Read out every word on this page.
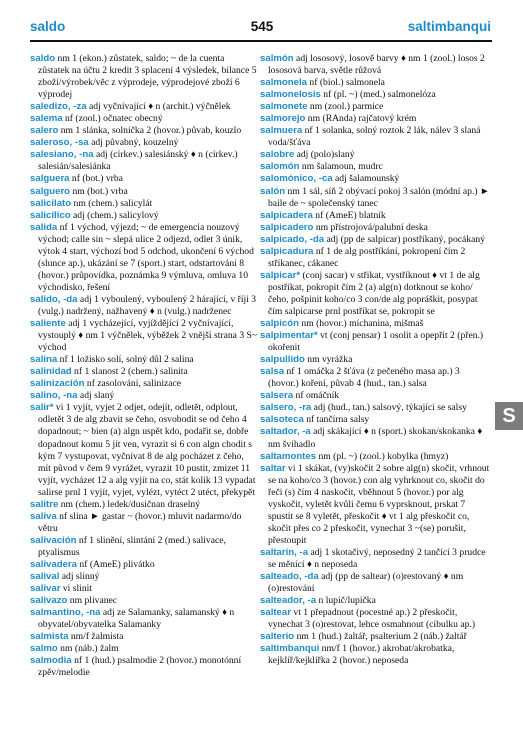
saldo	545	saltimbanqui

saldo nm 1 (ekon.) zůstatek, saldo; ~ de la cuenta zůstatek na účtu 2 kredit 3 splacení 4 výsledek, bilance 5 zboží/výrobek/věc z výprodeje, výprodejové zboží 6 výprodej

saledizo, -za adj vyčnívající ♦ n (archit.) výčnělek

salema nf (zool.) očnatec obecný

salero nm 1 slánka, solnička 2 (hovor.) půvab, kouzlo

saleroso, -sa adj půvabný, kouzelný

salesiano, -na adj (církev.) salesiánský ♦ n (církev.) salesián/salesiánka

salguera nf (bot.) vrba

salguero nm (bot.) vrba

salicilato nm (chem.) salicylát

salicílico adj (chem.) salicylový

salida nf 1 východ, výjezd; ~ de emergencia nouzový východ; calle sin ~ slepá ulice 2 odjezd, odlet 3 únik, výtok 4 start, výchozí bod 5 odchod, ukončení 6 východ (slunce ap.), ukázání se 7 (sport.) start, odstartování 8 (hovor.) průpovídka, poznámka 9 výmluva, omluva 10 východisko, řešení

salido, -da adj 1 vyboulený, vyboulený 2 hárající, v říji 3 (vulg.) nadržený, nažhavený ♦ n (vulg.) nadrženec

saliente adj 1 vycházející, vyjíždějící 2 vyčnívající, vystouplý ♦ nm 1 výčnělek, výběžek 2 vnější strana 3 S~ východ

salina nf 1 ložisko solí, solný důl 2 salina

salinidad nf 1 slanost 2 (chem.) salinita

salinización nf zasolování, salinizace

salino, -na adj slaný

salir* vi 1 vyjít, vyjet 2 odjet, odejít, odletět, odplout, odletět 3 de alg zbavit se čeho, osvobodit se od čeho 4 dopadnout; ~ bien (a) algn uspět kdo, podařit se, dobře dopadnout komu 5 jít ven, vyrazit si 6 con algn chodit s kým 7 vystupovat, vyčnívat 8 de alg pocházet z čeho, mít původ v čem 9 vyrážet, vyrazit 10 pustit, zmizet 11 vyjít, vycházet 12 a alg vyjít na co, stát kolik 13 vypadat salirse prnl 1 vyjít, vyjet, vylézt, vytéct 2 utéct, překypět

salitre nm (chem.) ledek/dusičnan draselný

saliva nf slina ► gastar ~ (hovor.) mluvit nadarmo/do větru

salivación nf 1 slinění, slintání 2 (med.) salivace, ptyalismus

salivadera nf (AmeE) plivátko

salival adj slinný

salivar vi slinit

salivazo nm plivanec

salmantino, -na adj ze Salamanky, salamanský ♦ n obyvatel/obyvatelka Salamanky

salmista nm/f žalmista

salmo nm (náb.) žalm

salmodia nf 1 (hud.) psalmodie 2 (hovor.) monotónní zpěv/melodie

salmón adj lososový, losově barvy ♦ nm 1 (zool.) losos 2 lososová barva, světle růžová

salmonela nf (biol.) salmonela

salmonelosis nf (pl. ~) (med.) salmonelóza

salmonete nm (zool.) parmice

salmorejo nm (RAnda) rajčatový krém

salmuera nf 1 solanka, solný roztok 2 lák, nálev 3 slaná voda/šťáva

salobre adj (polo)slaný

salomón nm šalamoun, mudrc

salomónico, -ca adj šalamounský

salón nm 1 sál, síň 2 obývací pokoj 3 salón (módní ap.) ► baile de ~ společenský tanec

salpicadera nf (AmeE) blatník

salpicadero nm přístrojová/palubní deska

salpicado, -da adj (pp de salpicar) postříkaný, pocákaný

salpicadura nf 1 de alg postříkání, pokropení čím 2 stříkanec, cákanec

salpicar* (conj sacar) v střikat, vystříknout ♦ vt 1 de alg postříkat, pokropit čím 2 (a) alg(n) dotknout se koho/čeho, pošpinit koho/co 3 con/de alg popráškit, posypat čím salpicarse prnl postříkat se, pokropit se

salpicón nm (hovor.) míchanina, mišmaš

salpimentar* vt (conj pensar) 1 osolit a opepřit 2 (přen.) okořenit

salpullido nm vyrážka

salsa nf 1 omáčka 2 šťáva (z pečeného masa ap.) 3 (hovor.) koření, půvab 4 (hud., tan.) salsa

salsera nf omáčník

salsero, -ra adj (hud., tan.) salsový, týkající se salsy

salsoteca nf tančírna salsy

saltador, -a adj skákající ♦ n (sport.) skokan/skokanka ♦ nm švihadlo

saltamontes nm (pl. ~) (zool.) kobylka (hmyz)

saltar vi 1 skákat, (vy)skočit 2 sobre alg(n) skočit, vrhnout se na koho/co 3 (hovor.) con alg vyhrknout co, skočit do řeči (s) čím 4 naskočit, vběhnout 5 (hovor.) por alg vyskočit, vyletět kvůli čemu 6 vyprsknout, prskat 7 spustit se 8 vyletět, přeskočit ♦ vt 1 alg přeskočit co, skočit přes co 2 přeskočit, vynechat 3 ~(se) porušit, přestoupit

saltarín, -a adj 1 skotačivý, neposedný 2 tančící 3 prudce se měnící ♦ n neposeda

salteado, -da adj (pp de saltear) (o)restovaný ♦ nm (o)restování

salteador, -a n lupič/lupička

saltear vt 1 přepadnout (pocestné ap.) 2 přeskočit, vynechat 3 (o)restovat, lehce osmahnout (cibulku ap.)

salterio nm 1 (hud.) žaltář, psalterium 2 (náb.) žaltář

saltimbanqui nm/f 1 (hovor.) akrobat/akrobatka, kejklíř/kejklířka 2 (hovor.) neposeda

S
